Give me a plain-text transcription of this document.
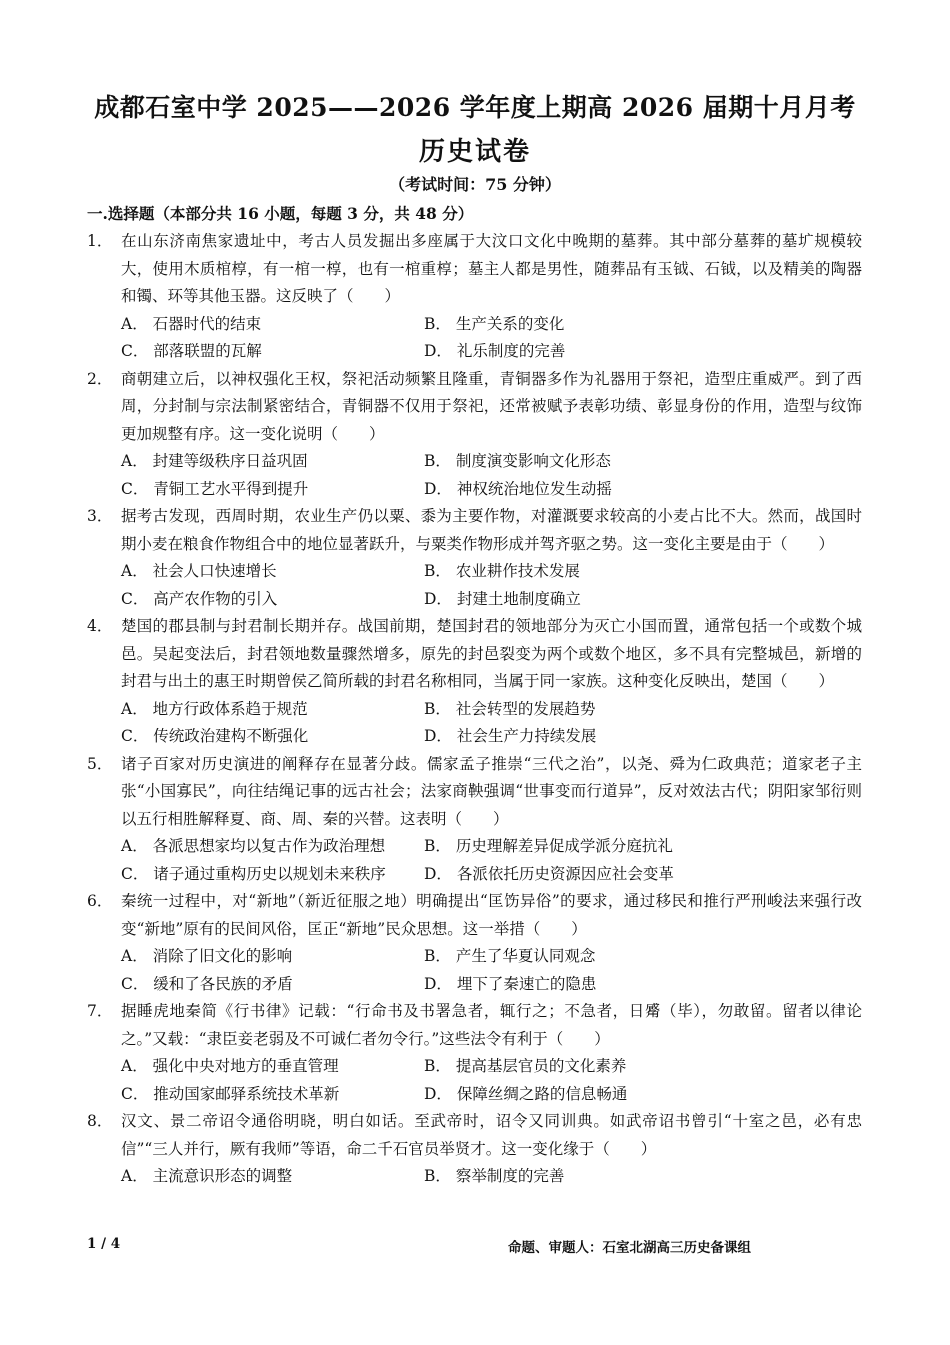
成都石室中学 2025——2026 学年度上期高 2026 届期十月月考
历史试卷
（考试时间：75 分钟）
一.选择题（本部分共 16 小题，每题 3 分，共 48 分）
1． 在山东济南焦家遗址中，考古人员发掘出多座属于大汶口文化中晚期的墓葬。其中部分墓葬的墓圹规模较大，使用木质棺椁，有一棺一椁，也有一棺重椁；墓主人都是男性，随葬品有玉钺、石钺，以及精美的陶器和镯、环等其他玉器。这反映了（　　）
A． 石器时代的结束	B． 生产关系的变化
C． 部落联盟的瓦解	D． 礼乐制度的完善
2． 商朝建立后，以神权强化王权，祭祀活动频繁且隆重，青铜器多作为礼器用于祭祀，造型庄重威严。到了西周，分封制与宗法制紧密结合，青铜器不仅用于祭祀，还常被赋予表彰功绩、彰显身份的作用，造型与纹饰更加规整有序。这一变化说明（　　）
A． 封建等级秩序日益巩固	B． 制度演变影响文化形态
C． 青铜工艺水平得到提升	D． 神权统治地位发生动摇
3． 据考古发现，西周时期，农业生产仍以粟、黍为主要作物，对灌溉要求较高的小麦占比不大。然而，战国时期小麦在粮食作物组合中的地位显著跃升，与粟类作物形成并驾齐驱之势。这一变化主要是由于（　　）
A． 社会人口快速增长	B． 农业耕作技术发展
C． 高产农作物的引入	D． 封建土地制度确立
4． 楚国的郡县制与封君制长期并存。战国前期，楚国封君的领地部分为灭亡小国而置，通常包括一个或数个城邑。吴起变法后，封君领地数量骤然增多，原先的封邑裂变为两个或数个地区，多不具有完整城邑，新增的封君与出土的惠王时期曾侯乙简所载的封君名称相同，当属于同一家族。这种变化反映出，楚国（　　）
A． 地方行政体系趋于规范	B． 社会转型的发展趋势
C． 传统政治建构不断强化	D． 社会生产力持续发展
5． 诸子百家对历史演进的阐释存在显著分歧。儒家孟子推崇“三代之治”，以尧、舜为仁政典范；道家老子主张“小国寡民”，向往结绳记事的远古社会；法家商鞅强调“世事变而行道异”，反对效法古代；阴阳家邹衍则以五行相胜解释夏、商、周、秦的兴替。这表明（　　）
A． 各派思想家均以复古作为政治理想	B． 历史理解差异促成学派分庭抗礼
C． 诸子通过重构历史以规划未来秩序	D． 各派依托历史资源因应社会变革
6． 秦统一过程中，对“新地”（新近征服之地）明确提出“匡饬异俗”的要求，通过移民和推行严刑峻法来强行改变“新地”原有的民间风俗，匡正“新地”民众思想。这一举措（　　）
A． 消除了旧文化的影响	B． 产生了华夏认同观念
C． 缓和了各民族的矛盾	D． 埋下了秦速亡的隐患
7． 据睡虎地秦简《行书律》记载：“行命书及书署急者，辄行之；不急者，日觱（毕），勿敢留。留者以律论之。”又载：“隶臣妾老弱及不可诚仁者勿令行。”这些法令有利于（　　）
A． 强化中央对地方的垂直管理	B． 提高基层官员的文化素养
C． 推动国家邮驿系统技术革新	D． 保障丝绸之路的信息畅通
8． 汉文、景二帝诏令通俗明晓，明白如话。至武帝时，诏令又同训典。如武帝诏书曾引“十室之邑，必有忠信”“三人并行，厥有我师”等语，命二千石官员举贤才。这一变化缘于（　　）
A． 主流意识形态的调整	B． 察举制度的完善
1 / 4	命题、审题人：石室北湖高三历史备课组
